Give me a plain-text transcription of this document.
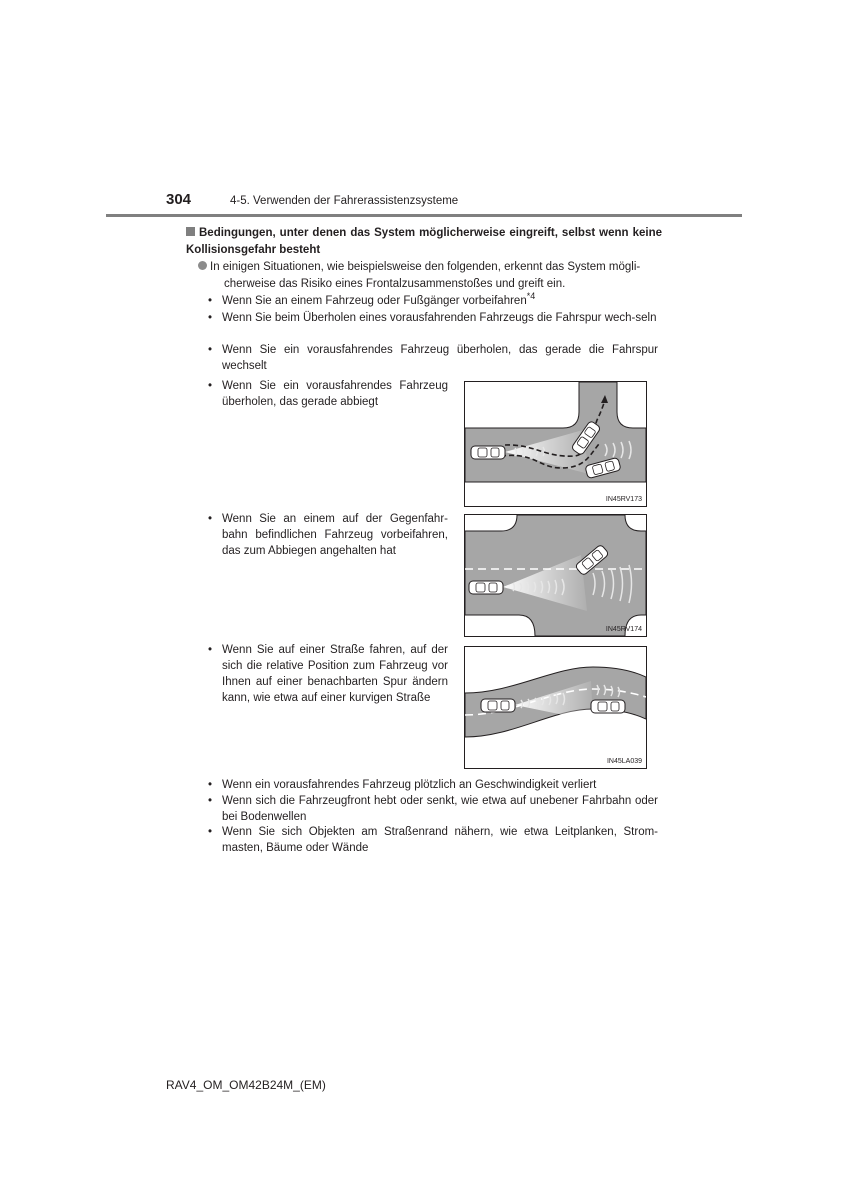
304	4-5. Verwenden der Fahrerassistenzsysteme
Bedingungen, unter denen das System möglicherweise eingreift, selbst wenn keine Kollisionsgefahr besteht
In einigen Situationen, wie beispielsweise den folgenden, erkennt das System mögli-
cherweise das Risiko eines Frontalzusammenstoßes und greift ein.
• Wenn Sie an einem Fahrzeug oder Fußgänger vorbeifahren$^{*4}$
• Wenn Sie beim Überholen eines vorausfahrenden Fahrzeugs die Fahrspur wech-seln
• Wenn Sie ein vorausfahrendes Fahrzeug überholen, das gerade die Fahrspur wechselt
• Wenn Sie ein vorausfahrendes Fahrzeug überholen, das gerade abbiegt
• Wenn Sie an einem auf der Gegenfahr-bahn befindlichen Fahrzeug vorbeifahren, das zum Abbiegen angehalten hat
• Wenn Sie auf einer Straße fahren, auf der sich die relative Position zum Fahrzeug vor Ihnen auf einer benachbarten Spur ändern kann, wie etwa auf einer kurvigen Straße
• Wenn ein vorausfahrendes Fahrzeug plötzlich an Geschwindigkeit verliert
• Wenn sich die Fahrzeugfront hebt oder senkt, wie etwa auf unebener Fahrbahn oder bei Bodenwellen
• Wenn Sie sich Objekten am Straßenrand nähern, wie etwa Leitplanken, Strom-masten, Bäume oder Wände
IN45RV173
IN45RV174
IN45LA039
RAV4_OM_OM42B24M_(EM)
